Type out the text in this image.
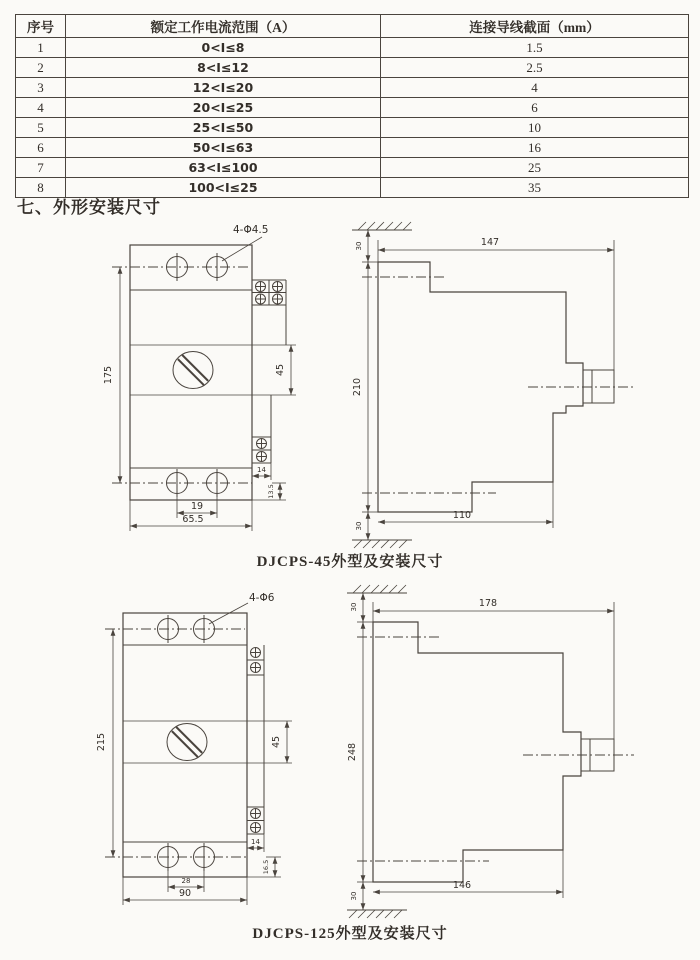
序号	额定工作电流范围（A）	连接导线截面（mm）
1	0<I≤8	1.5
2	8<I≤12	2.5
3	12<I≤20	4
4	20<I≤25	6
5	25<I≤50	10
6	50<I≤63	16
7	63<I≤100	25
8	100<I≤25	35
七、外形安装尺寸
4-Φ4.5
175	45
14
13.5
19
65.5
30
210
30
147
110
DJCPS-45外型及安装尺寸
4-Φ6
215	45
14
16.5
28
90
30
248
30
178
146
DJCPS-125外型及安装尺寸
